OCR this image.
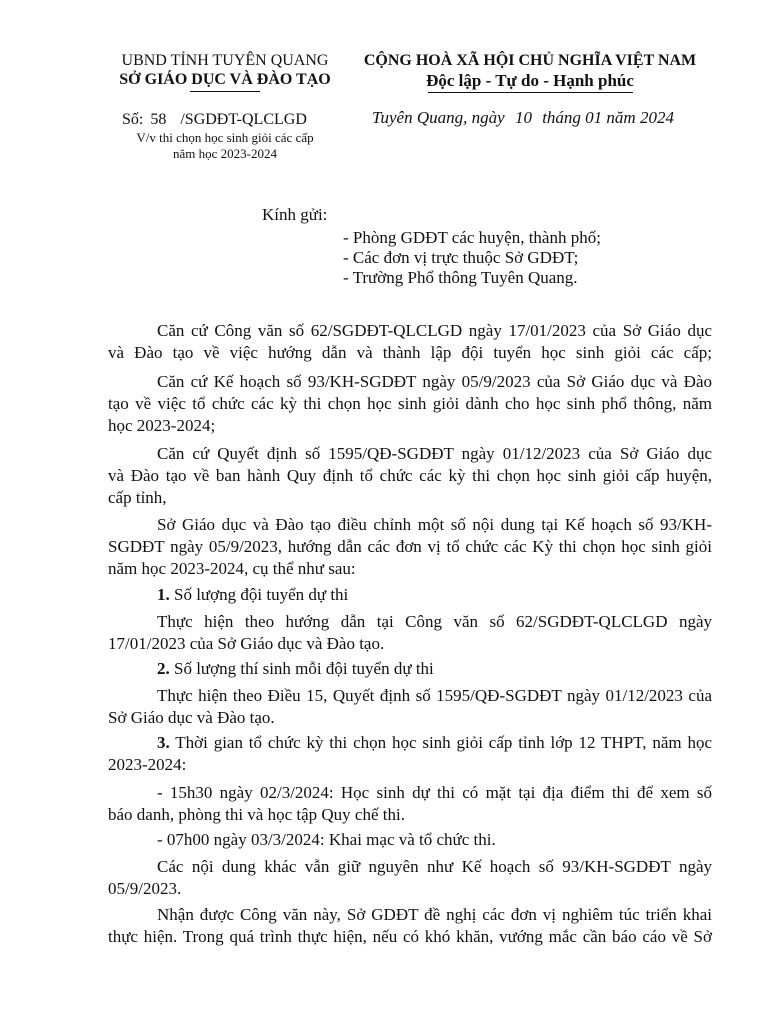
UBND TỈNH TUYÊN QUANG
SỞ GIÁO DỤC VÀ ĐÀO TẠO
Số: 58 /SGDĐT-QLCLGD
V/v thi chọn học sinh giỏi các cấp
năm học 2023-2024
CỘNG HOÀ XÃ HỘI CHỦ NGHĨA VIỆT NAM
Độc lập - Tự do - Hạnh phúc
Tuyên Quang, ngày 10 tháng 01 năm 2024
Kính gửi:
- Phòng GDĐT các huyện, thành phố;
- Các đơn vị trực thuộc Sở GDĐT;
- Trường Phổ thông Tuyên Quang.
Căn cứ Công văn số 62/SGDĐT-QLCLGD ngày 17/01/2023 của Sở Giáo dục
và Đào tạo về việc hướng dẫn và thành lập đội tuyển học sinh giỏi các cấp;
Căn cứ Kế hoạch số 93/KH-SGDĐT ngày 05/9/2023 của Sở Giáo dục và Đào
tạo về việc tổ chức các kỳ thi chọn học sinh giỏi dành cho học sinh phổ thông, năm
học 2023-2024;
Căn cứ Quyết định số 1595/QĐ-SGDĐT ngày 01/12/2023 của Sở Giáo dục
và Đào tạo về ban hành Quy định tổ chức các kỳ thi chọn học sinh giỏi cấp huyện,
cấp tỉnh,
Sở Giáo dục và Đào tạo điều chỉnh một số nội dung tại Kế hoạch số 93/KH-
SGDĐT ngày 05/9/2023, hướng dẫn các đơn vị tổ chức các Kỳ thi chọn học sinh giỏi
năm học 2023-2024, cụ thể như sau:
1. Số lượng đội tuyển dự thi
Thực hiện theo hướng dẫn tại Công văn số 62/SGDĐT-QLCLGD ngày
17/01/2023 của Sở Giáo dục và Đào tạo.
2. Số lượng thí sinh mỗi đội tuyển dự thi
Thực hiện theo Điều 15, Quyết định số 1595/QĐ-SGDĐT ngày 01/12/2023 của
Sở Giáo dục và Đào tạo.
3. Thời gian tổ chức kỳ thi chọn học sinh giỏi cấp tỉnh lớp 12 THPT, năm học
2023-2024:
- 15h30 ngày 02/3/2024: Học sinh dự thi có mặt tại địa điểm thi để xem số
báo danh, phòng thi và học tập Quy chế thi.
- 07h00 ngày 03/3/2024: Khai mạc và tổ chức thi.
Các nội dung khác vẫn giữ nguyên như Kế hoạch số 93/KH-SGDĐT ngày
05/9/2023.
Nhận được Công văn này, Sở GDĐT đề nghị các đơn vị nghiêm túc triển khai
thực hiện. Trong quá trình thực hiện, nếu có khó khăn, vướng mắc cần báo cáo về Sở
